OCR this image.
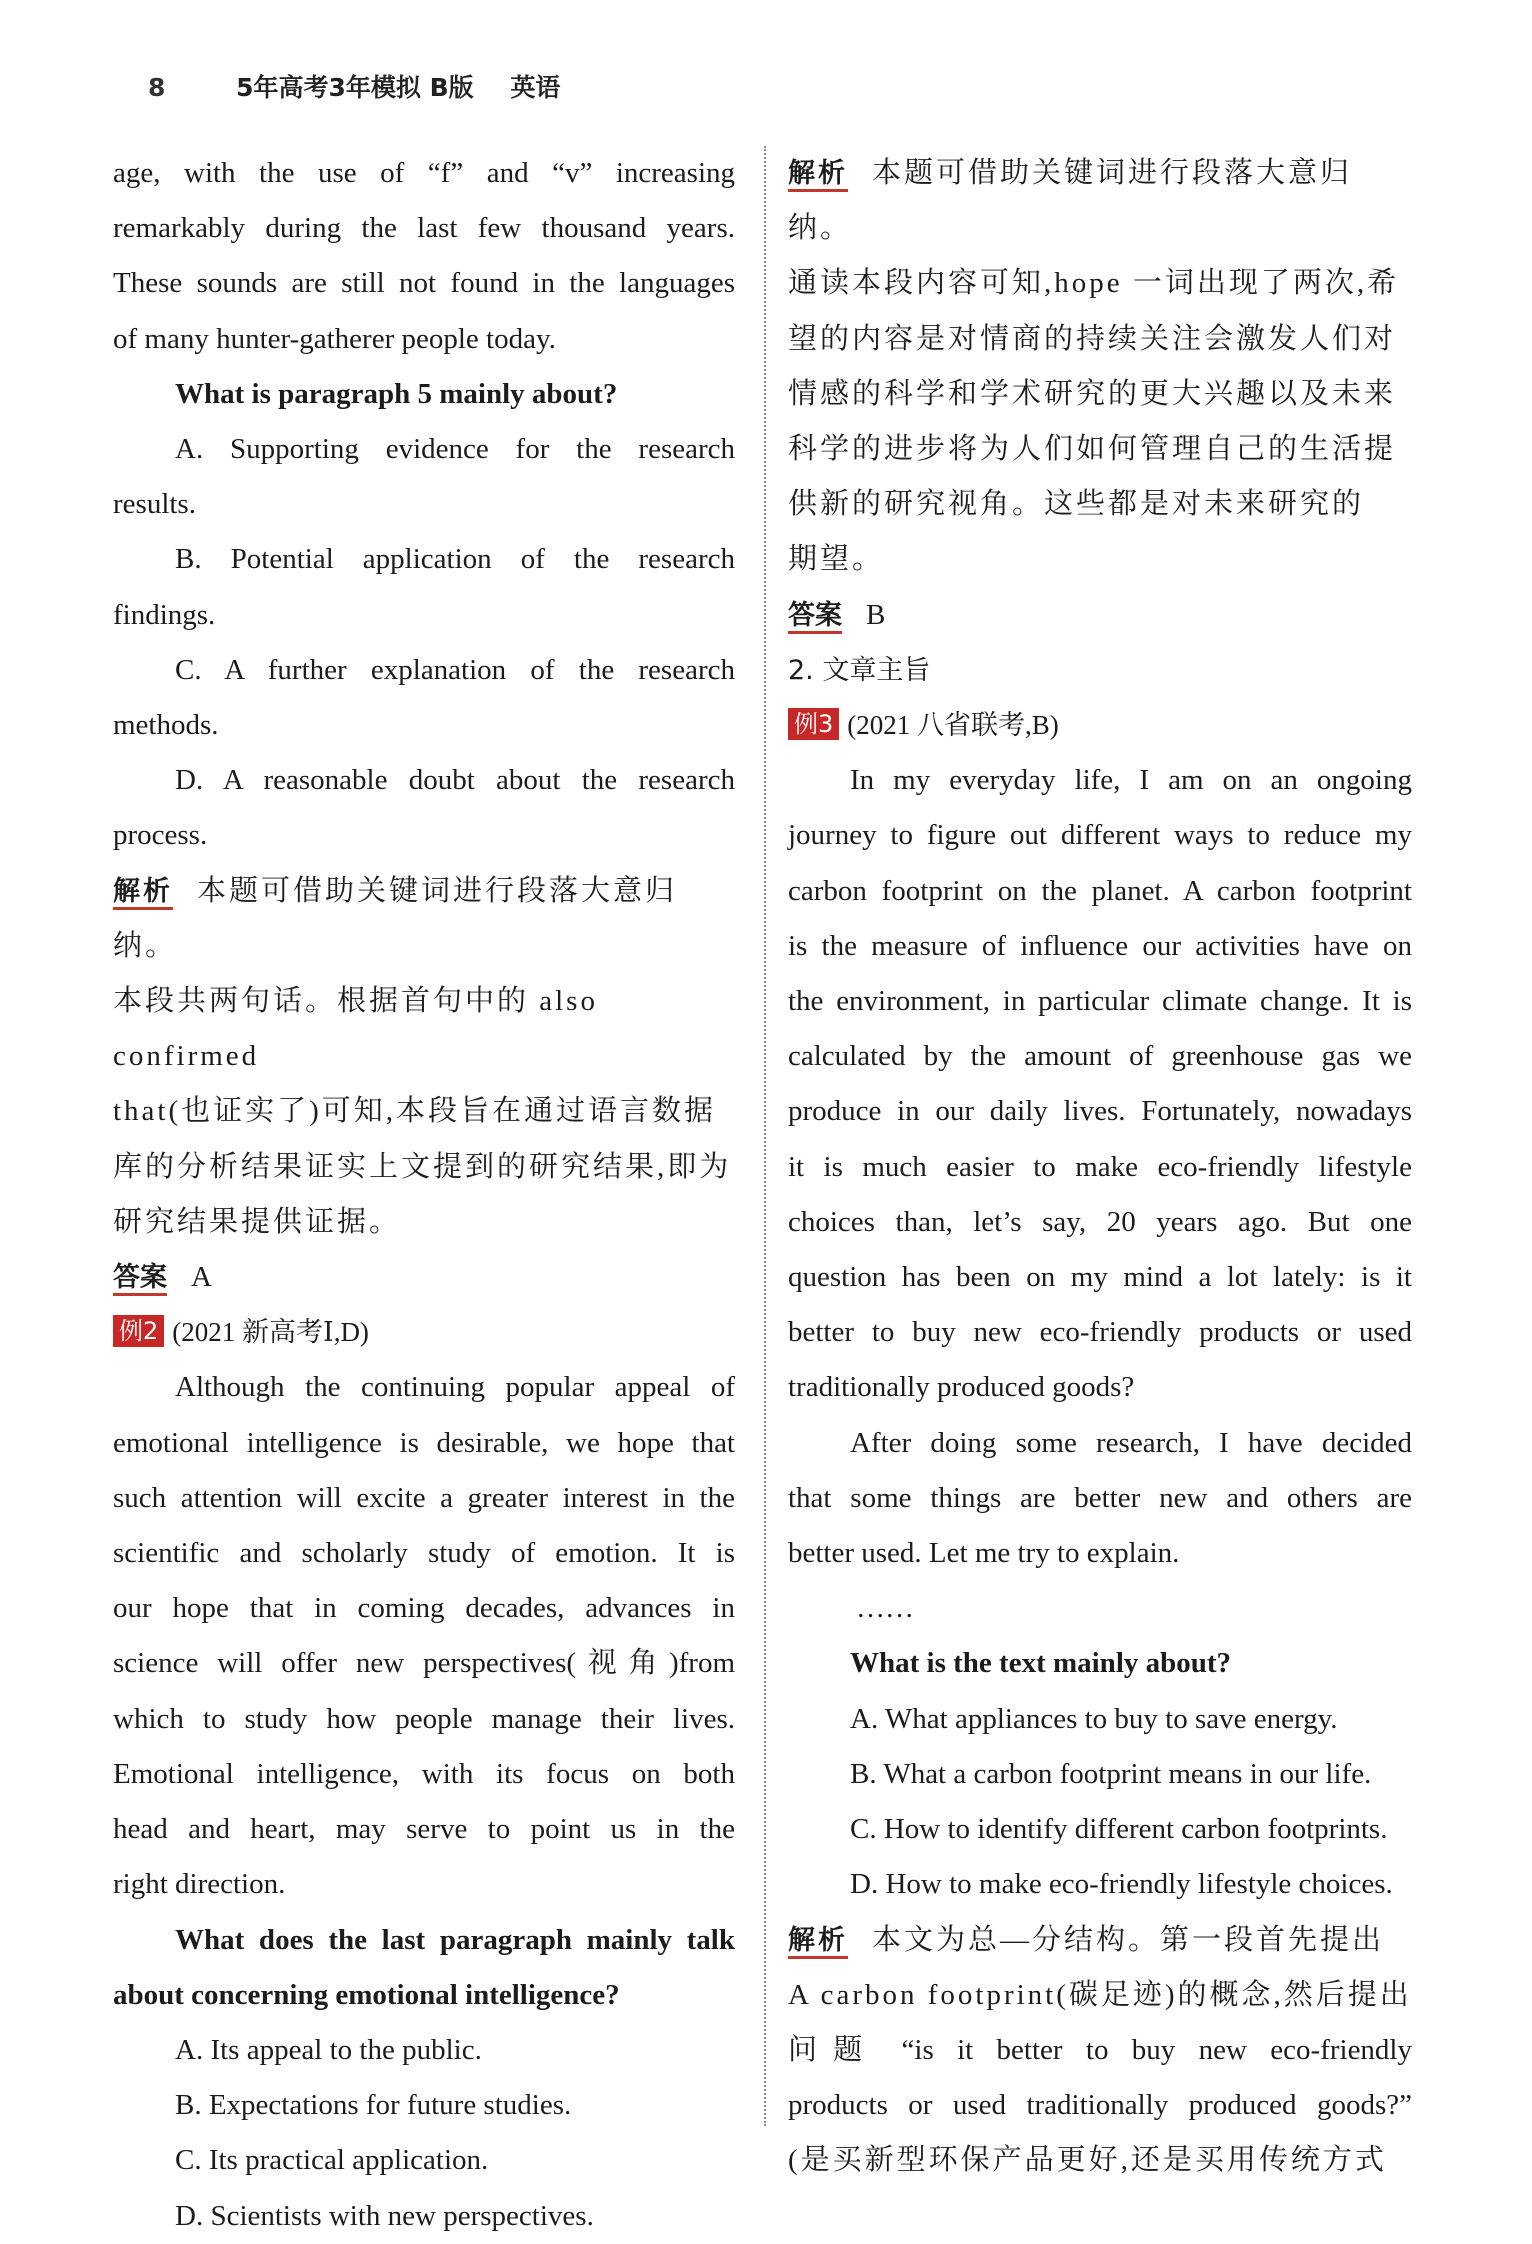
8	5年高考3年模拟 B版 英语
age, with the use of “f” and “v” increasing
remarkably during the last few thousand years.
These sounds are still not found in the languages
of many hunter-gatherer people today.
What is paragraph 5 mainly about?
A. Supporting evidence for the research
results.
B. Potential application of the research
findings.
C. A further explanation of the research
methods.
D. A reasonable doubt about the research
process.
解析 本题可借助关键词进行段落大意归纳。
本段共两句话。根据首句中的 also confirmed
that(也证实了)可知,本段旨在通过语言数据
库的分析结果证实上文提到的研究结果,即为
研究结果提供证据。
答案 A
例2 (2021 新高考Ⅰ,D)
Although the continuing popular appeal of
emotional intelligence is desirable, we hope that
such attention will excite a greater interest in the
scientific and scholarly study of emotion. It is
our hope that in coming decades, advances in
science will offer new perspectives(视角)from
which to study how people manage their lives.
Emotional intelligence, with its focus on both
head and heart, may serve to point us in the
right direction.
What does the last paragraph mainly talk
about concerning emotional intelligence?
A. Its appeal to the public.
B. Expectations for future studies.
C. Its practical application.
D. Scientists with new perspectives.
解析 本题可借助关键词进行段落大意归纳。
通读本段内容可知,hope 一词出现了两次,希
望的内容是对情商的持续关注会激发人们对
情感的科学和学术研究的更大兴趣以及未来
科学的进步将为人们如何管理自己的生活提
供新的研究视角。这些都是对未来研究的
期望。
答案 B
2. 文章主旨
例3 (2021 八省联考,B)
In my everyday life, I am on an ongoing
journey to figure out different ways to reduce my
carbon footprint on the planet. A carbon footprint
is the measure of influence our activities have on
the environment, in particular climate change. It is
calculated by the amount of greenhouse gas we
produce in our daily lives. Fortunately, nowadays
it is much easier to make eco-friendly lifestyle
choices than, let’s say, 20 years ago. But one
question has been on my mind a lot lately: is it
better to buy new eco-friendly products or used
traditionally produced goods?
After doing some research, I have decided
that some things are better new and others are
better used. Let me try to explain.
……
What is the text mainly about?
A. What appliances to buy to save energy.
B. What a carbon footprint means in our life.
C. How to identify different carbon footprints.
D. How to make eco-friendly lifestyle choices.
解析 本文为总—分结构。第一段首先提出
A carbon footprint(碳足迹)的概念,然后提出
问题 “is it better to buy new eco-friendly
products or used traditionally produced goods?”
(是买新型环保产品更好,还是买用传统方式
